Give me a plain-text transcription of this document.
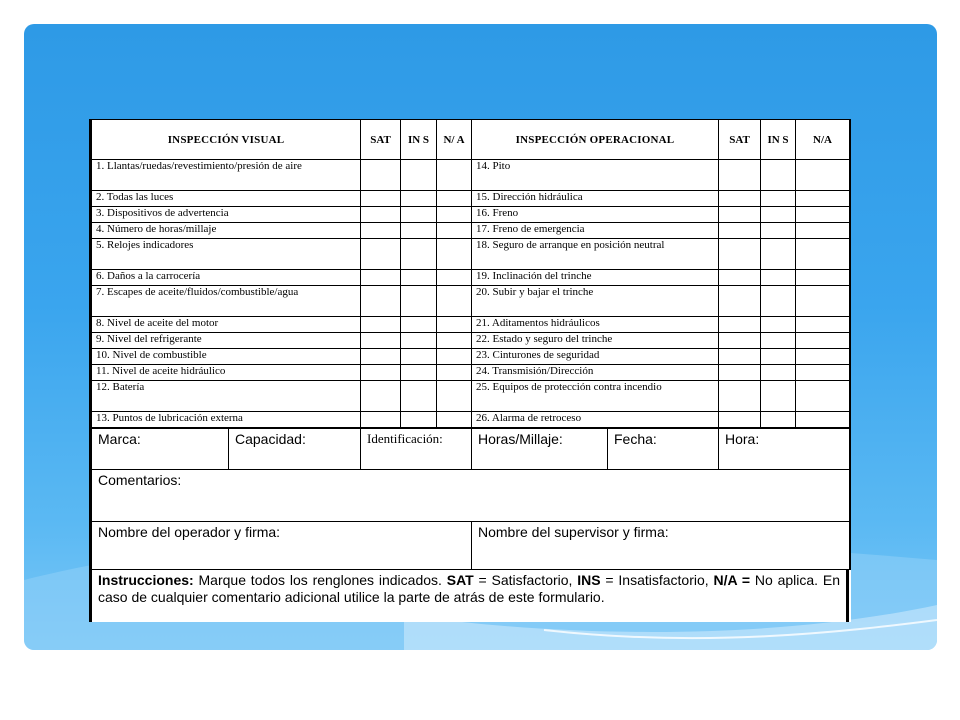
INSPECCIÓN VISUAL	SAT	IN S	N/ A	INSPECCIÓN OPERACIONAL	SAT	IN S	N/A
1. Llantas/ruedas/revestimiento/presión de aire				14. Pito			
2. Todas las luces				15. Dirección hidráulica			
3. Dispositivos de advertencia				16. Freno			
4. Número de horas/millaje				17. Freno de emergencia			
5. Relojes indicadores				18. Seguro de arranque en posición neutral			
6. Daños a la carrocería				19. Inclinación del trinche			
7. Escapes de aceite/fluidos/combustible/agua				20. Subir y bajar el trinche			
8. Nivel de aceite del motor				21. Aditamentos hidráulicos			
9. Nivel del refrigerante				22. Estado y seguro del trinche			
10. Nivel de combustible				23. Cinturones de seguridad			
11. Nivel de aceite hidráulico				24. Transmisión/Dirección			
12. Batería				25. Equipos de protección contra incendio			
13. Puntos de lubricación externa				26. Alarma de retroceso			
Marca:	Capacidad:	Identificación:	Horas/Millaje:	Fecha:	Hora:
Comentarios:					
Nombre del operador y firma:			Nombre del supervisor y firma:		
Instrucciones: Marque todos los renglones indicados. SAT = Satisfactorio, INS = Insatisfactorio, N/A = No aplica. En caso de cualquier comentario adicional utilice la parte de atrás de este formulario.
